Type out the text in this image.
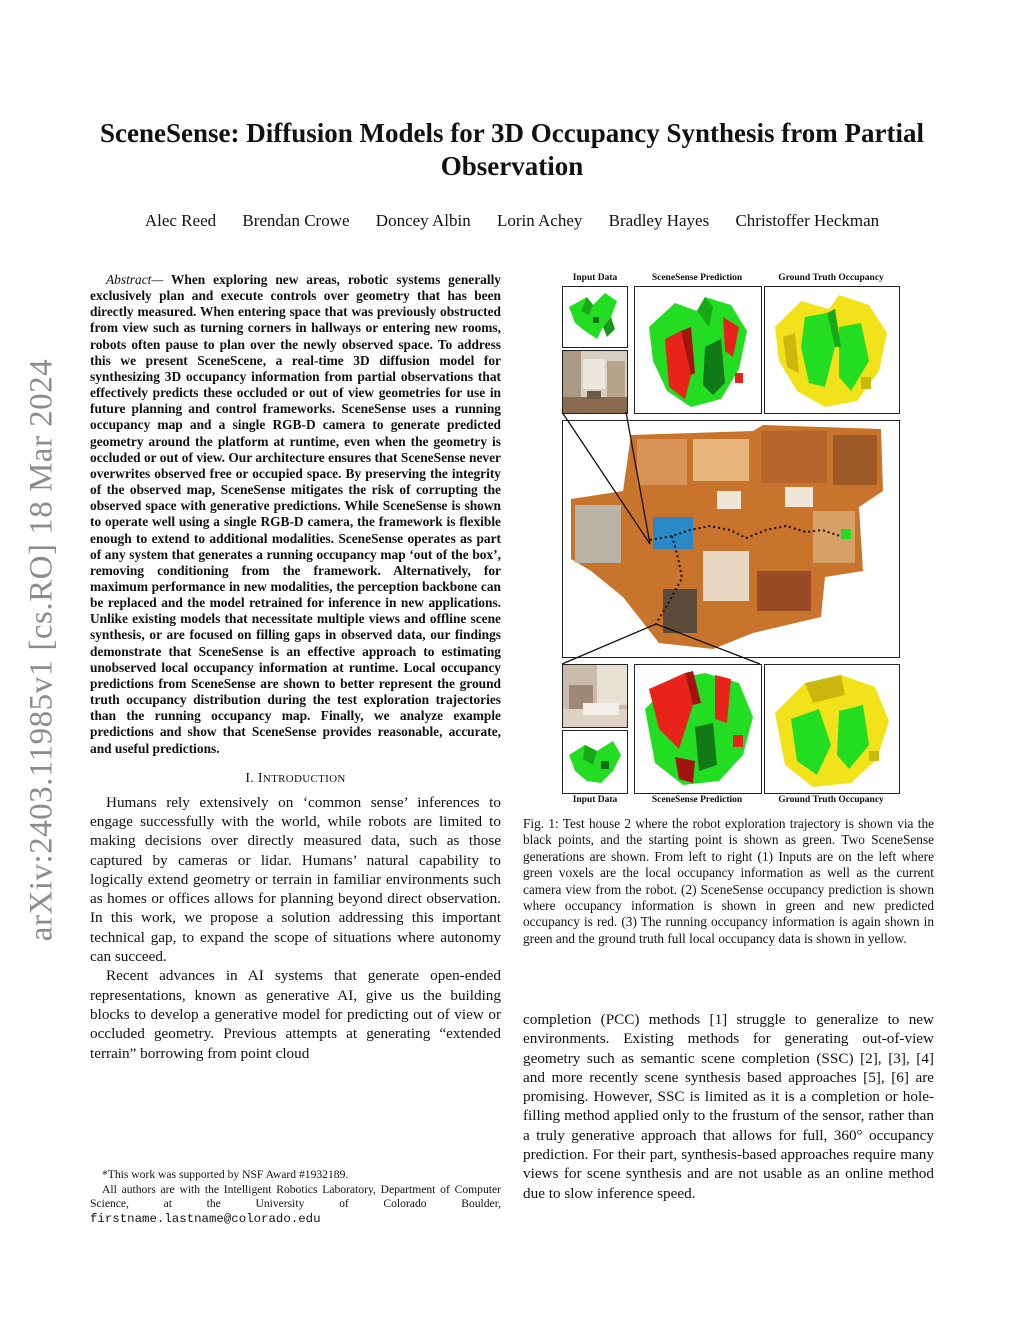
arXiv:2403.11985v1 [cs.RO] 18 Mar 2024
SceneSense: Diffusion Models for 3D Occupancy Synthesis from Partial Observation
Alec Reed Brendan Crowe Doncey Albin Lorin Achey Bradley Hayes Christoffer Heckman

Abstract— When exploring new areas, robotic systems generally exclusively plan and execute controls over geometry that has been directly measured. When entering space that was previously obstructed from view such as turning corners in hallways or entering new rooms, robots often pause to plan over the newly observed space. To address this we present SceneScene, a real-time 3D diffusion model for synthesizing 3D occupancy information from partial observations that effectively predicts these occluded or out of view geometries for use in future planning and control frameworks. SceneSense uses a running occupancy map and a single RGB-D camera to generate predicted geometry around the platform at runtime, even when the geometry is occluded or out of view. Our architecture ensures that SceneSense never overwrites observed free or occupied space. By preserving the integrity of the observed map, SceneSense mitigates the risk of corrupting the observed space with generative predictions. While SceneSense is shown to operate well using a single RGB-D camera, the framework is flexible enough to extend to additional modalities. SceneSense operates as part of any system that generates a running occupancy map ‘out of the box’, removing conditioning from the framework. Alternatively, for maximum performance in new modalities, the perception backbone can be replaced and the model retrained for inference in new applications. Unlike existing models that necessitate multiple views and offline scene synthesis, or are focused on filling gaps in observed data, our findings demonstrate that SceneSense is an effective approach to estimating unobserved local occupancy information at runtime. Local occupancy predictions from SceneSense are shown to better represent the ground truth occupancy distribution during the test exploration trajectories than the running occupancy map. Finally, we analyze example predictions and show that SceneSense provides reasonable, accurate, and useful predictions.

I. INTRODUCTION

Humans rely extensively on ‘common sense’ inferences to engage successfully with the world, while robots are limited to making decisions over directly measured data, such as those captured by cameras or lidar. Humans’ natural capability to logically extend geometry or terrain in familiar environments such as homes or offices allows for planning beyond direct observation. In this work, we propose a solution addressing this important technical gap, to expand the scope of situations where autonomy can succeed.

Recent advances in AI systems that generate open-ended representations, known as generative AI, give us the building blocks to develop a generative model for predicting out of view or occluded geometry. Previous attempts at generating “extended terrain” borrowing from point cloud

*This work was supported by NSF Award #1932189.

All authors are with the Intelligent Robotics Laboratory, Department of Computer Science, at the University of Colorado Boulder, firstname.lastname@colorado.edu

Input Data	SceneSense Prediction	Ground Truth Occupancy
Input Data	SceneSense Prediction	Ground Truth Occupancy

Fig. 1: Test house 2 where the robot exploration trajectory is shown via the black points, and the starting point is shown as green. Two SceneSense generations are shown. From left to right (1) Inputs are on the left where green voxels are the local occupancy information as well as the current camera view from the robot. (2) SceneSense occupancy prediction is shown where occupancy information is shown in green and new predicted occupancy is red. (3) The running occupancy information is again shown in green and the ground truth full local occupancy data is shown in yellow.

completion (PCC) methods [1] struggle to generalize to new environments. Existing methods for generating out-of-view geometry such as semantic scene completion (SSC) [2], [3], [4] and more recently scene synthesis based approaches [5], [6] are promising. However, SSC is limited as it is a completion or hole-filling method applied only to the frustum of the sensor, rather than a truly generative approach that allows for full, 360° occupancy prediction. For their part, synthesis-based approaches require many views for scene synthesis and are not usable as an online method due to slow inference speed.
